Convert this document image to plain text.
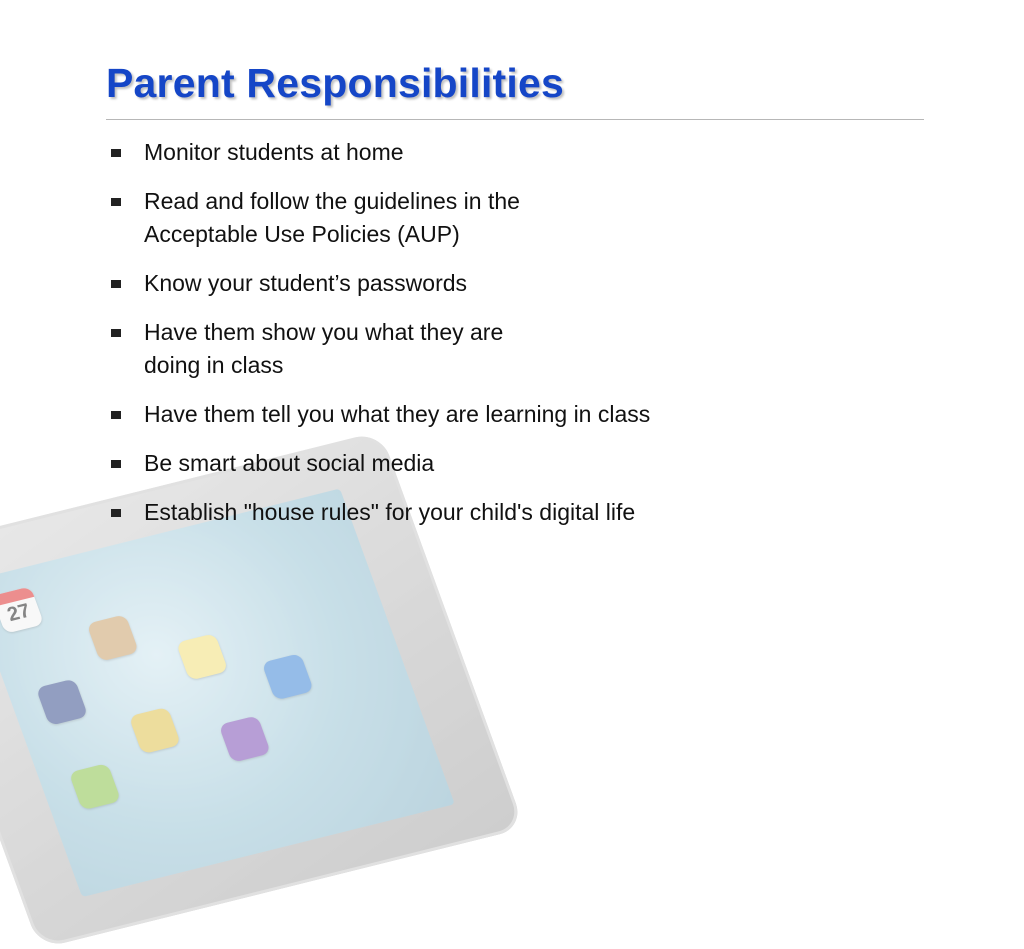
27
Parent Responsibilities
Monitor students at home
Read and follow the guidelines in the
Acceptable Use Policies (AUP)
Know your student’s passwords
Have them show you what they are
doing in class
Have them tell you what they are learning in class
Be smart about social media
Establish "house rules" for your child's digital life
